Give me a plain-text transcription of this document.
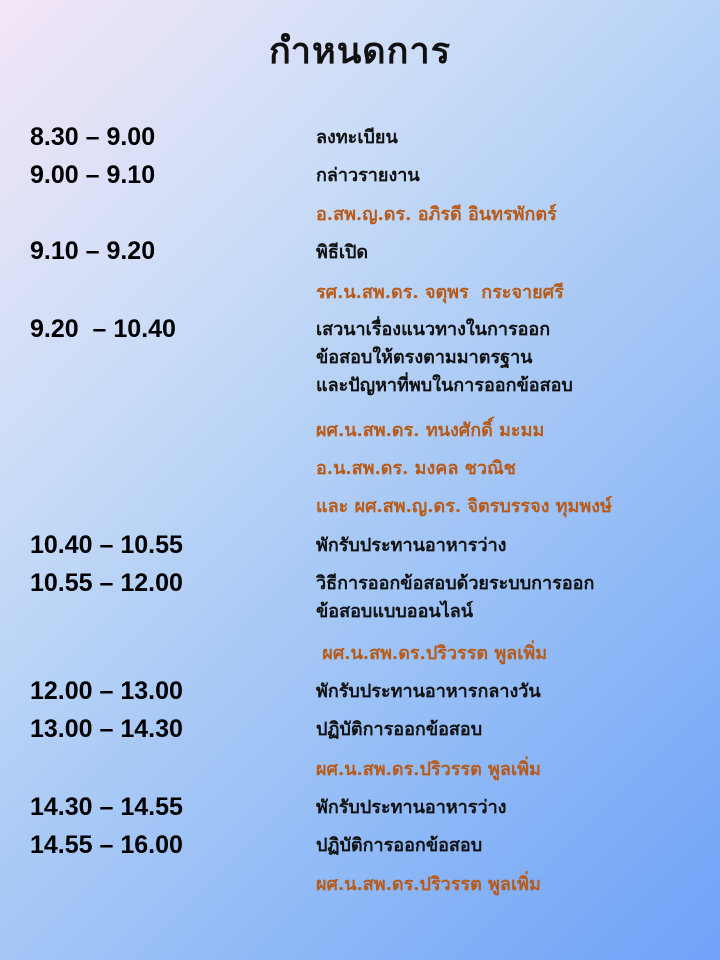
กำหนดการ
8.30 – 9.00	ลงทะเบียน
9.00 – 9.10	กล่าวรายงาน
อ.สพ.ญ.ดร. อภิรดี อินทรพักตร์
9.10 – 9.20	พิธีเปิด
รศ.น.สพ.ดร. จตุพร  กระจายศรี
9.20  – 10.40	เสวนาเรื่องแนวทางในการออก
ข้อสอบให้ตรงตามมาตรฐาน
และปัญหาที่พบในการออกข้อสอบ
ผศ.น.สพ.ดร. ทนงศักดิ์ มะมม
อ.น.สพ.ดร. มงคล ชวณิช
และ ผศ.สพ.ญ.ดร. จิตรบรรจง ทุมพงษ์
10.40 – 10.55	พักรับประทานอาหารว่าง
10.55 – 12.00	วิธีการออกข้อสอบด้วยระบบการออก
ข้อสอบแบบออนไลน์
ผศ.น.สพ.ดร.ปริวรรต พูลเพิ่ม
12.00 – 13.00	พักรับประทานอาหารกลางวัน
13.00 – 14.30	ปฏิบัติการออกข้อสอบ
ผศ.น.สพ.ดร.ปริวรรต พูลเพิ่ม
14.30 – 14.55	พักรับประทานอาหารว่าง
14.55 – 16.00	ปฏิบัติการออกข้อสอบ
ผศ.น.สพ.ดร.ปริวรรต พูลเพิ่ม
